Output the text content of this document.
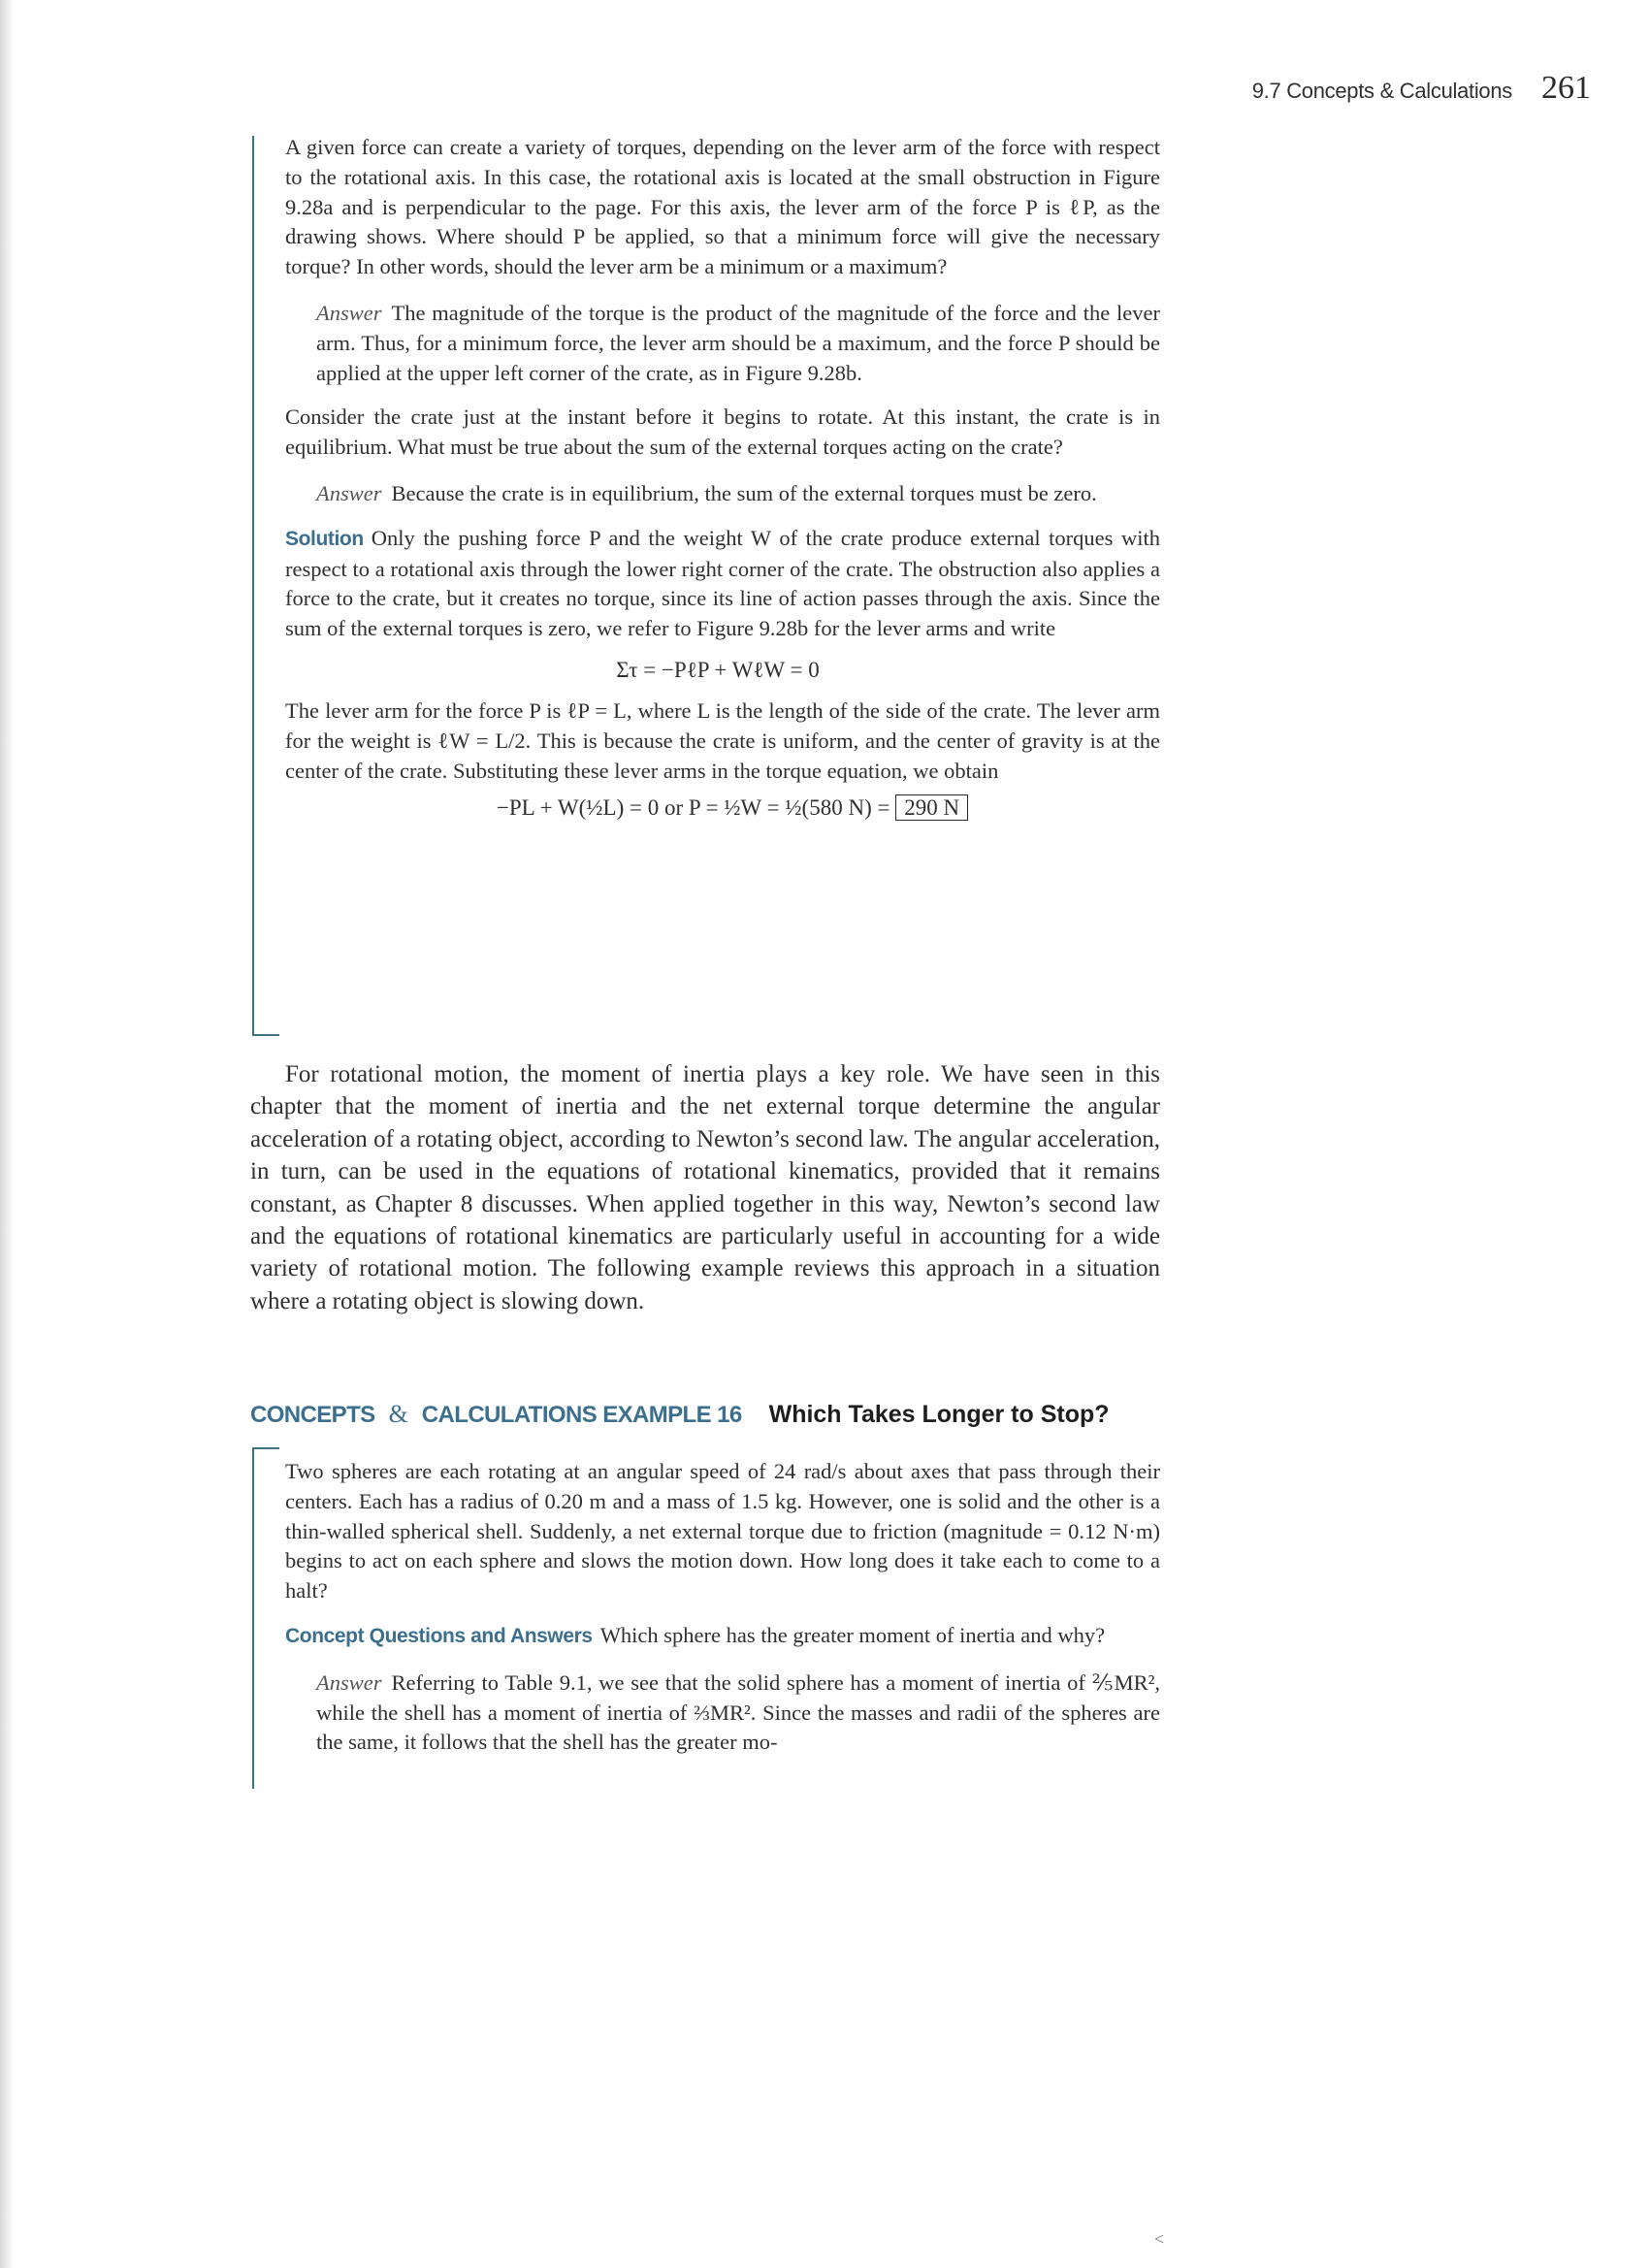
9.7 Concepts & Calculations 261

A given force can create a variety of torques, depending on the lever arm of the force with respect to the rotational axis. In this case, the rotational axis is located at the small obstruction in Figure 9.28a and is perpendicular to the page. For this axis, the lever arm of the force P is ℓP, as the drawing shows. Where should P be applied, so that a minimum force will give the necessary torque? In other words, should the lever arm be a minimum or a maximum?

Answer The magnitude of the torque is the product of the magnitude of the force and the lever arm. Thus, for a minimum force, the lever arm should be a maximum, and the force P should be applied at the upper left corner of the crate, as in Figure 9.28b.

Consider the crate just at the instant before it begins to rotate. At this instant, the crate is in equilibrium. What must be true about the sum of the external torques acting on the crate?

Answer Because the crate is in equilibrium, the sum of the external torques must be zero.

Solution Only the pushing force P and the weight W of the crate produce external torques with respect to a rotational axis through the lower right corner of the crate. The obstruction also applies a force to the crate, but it creates no torque, since its line of action passes through the axis. Since the sum of the external torques is zero, we refer to Figure 9.28b for the lever arms and write

Στ = −PℓP + WℓW = 0

The lever arm for the force P is ℓP = L, where L is the length of the side of the crate. The lever arm for the weight is ℓW = L/2. This is because the crate is uniform, and the center of gravity is at the center of the crate. Substituting these lever arms in the torque equation, we obtain

−PL + W(½L) = 0 or P = ½W = ½(580 N) = 290 N

For rotational motion, the moment of inertia plays a key role. We have seen in this chapter that the moment of inertia and the net external torque determine the angular acceleration of a rotating object, according to Newton’s second law. The angular acceleration, in turn, can be used in the equations of rotational kinematics, provided that it remains constant, as Chapter 8 discusses. When applied together in this way, Newton’s second law and the equations of rotational kinematics are particularly useful in accounting for a wide variety of rotational motion. The following example reviews this approach in a situation where a rotating object is slowing down.

CONCEPTS & CALCULATIONS EXAMPLE 16 Which Takes Longer to Stop?

Two spheres are each rotating at an angular speed of 24 rad/s about axes that pass through their centers. Each has a radius of 0.20 m and a mass of 1.5 kg. However, one is solid and the other is a thin-walled spherical shell. Suddenly, a net external torque due to friction (magnitude = 0.12 N·m) begins to act on each sphere and slows the motion down. How long does it take each to come to a halt?

Concept Questions and Answers Which sphere has the greater moment of inertia and why?

Answer Referring to Table 9.1, we see that the solid sphere has a moment of inertia of ⅖MR², while the shell has a moment of inertia of ⅔MR². Since the masses and radii of the spheres are the same, it follows that the shell has the greater mo-

˂
